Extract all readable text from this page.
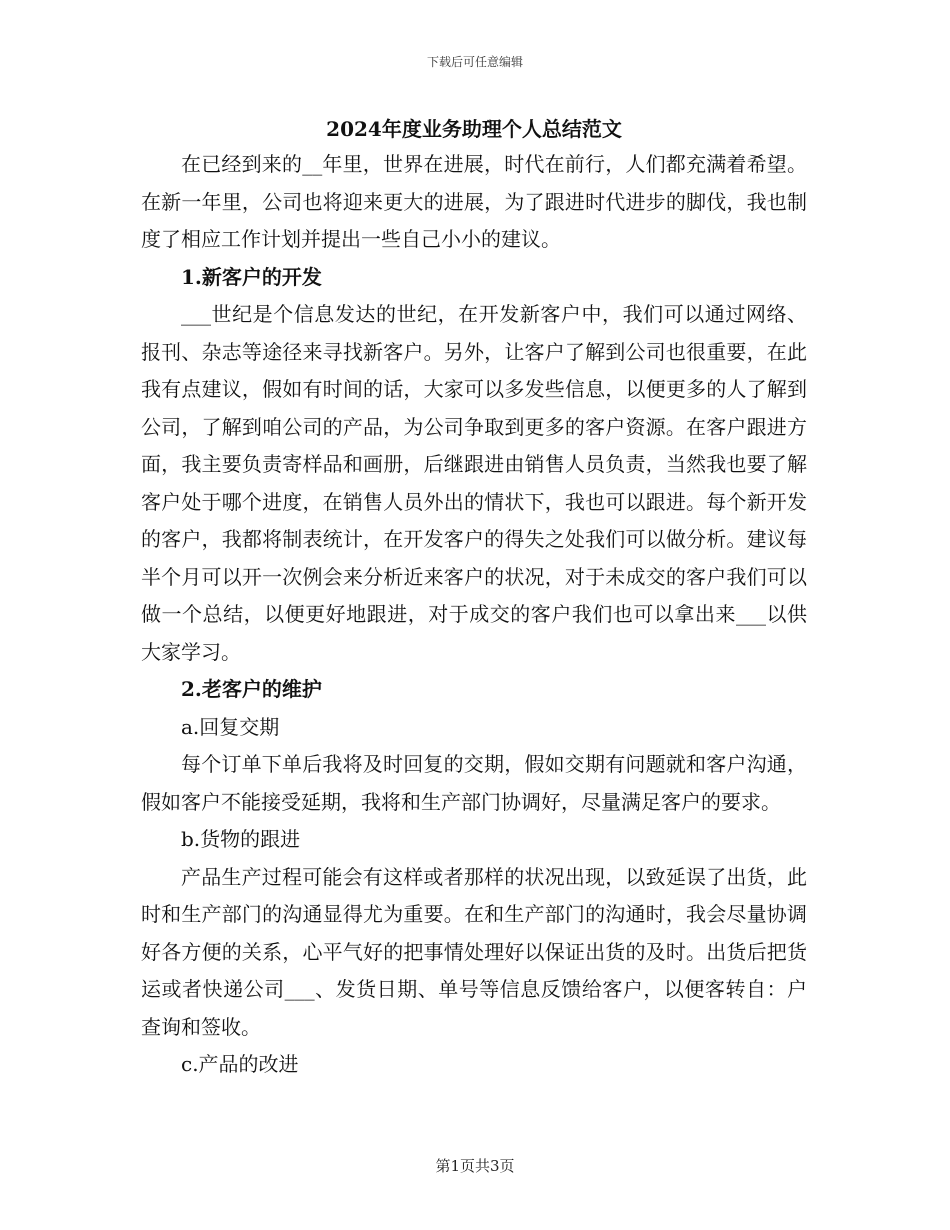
下载后可任意编辑

2024年度业务助理个人总结范文

在已经到来的__年里，世界在进展，时代在前行，人们都充满着希望。在新一年里，公司也将迎来更大的进展，为了跟进时代进步的脚伐，我也制度了相应工作计划并提出一些自己小小的建议。

1.新客户的开发

___世纪是个信息发达的世纪，在开发新客户中，我们可以通过网络、报刊、杂志等途径来寻找新客户。另外，让客户了解到公司也很重要，在此我有点建议，假如有时间的话，大家可以多发些信息，以便更多的人了解到公司，了解到咱公司的产品，为公司争取到更多的客户资源。在客户跟进方面，我主要负责寄样品和画册，后继跟进由销售人员负责，当然我也要了解客户处于哪个进度，在销售人员外出的情状下，我也可以跟进。每个新开发的客户，我都将制表统计，在开发客户的得失之处我们可以做分析。建议每半个月可以开一次例会来分析近来客户的状况，对于未成交的客户我们可以做一个总结，以便更好地跟进，对于成交的客户我们也可以拿出来___以供大家学习。

2.老客户的维护

a.回复交期

每个订单下单后我将及时回复的交期，假如交期有问题就和客户沟通，假如客户不能接受延期，我将和生产部门协调好，尽量满足客户的要求。

b.货物的跟进

产品生产过程可能会有这样或者那样的状况出现，以致延误了出货，此时和生产部门的沟通显得尤为重要。在和生产部门的沟通时，我会尽量协调好各方便的关系，心平气好的把事情处理好以保证出货的及时。出货后把货运或者快递公司___、发货日期、单号等信息反馈给客户，以便客转自：户查询和签收。

c.产品的改进

第1页共3页
